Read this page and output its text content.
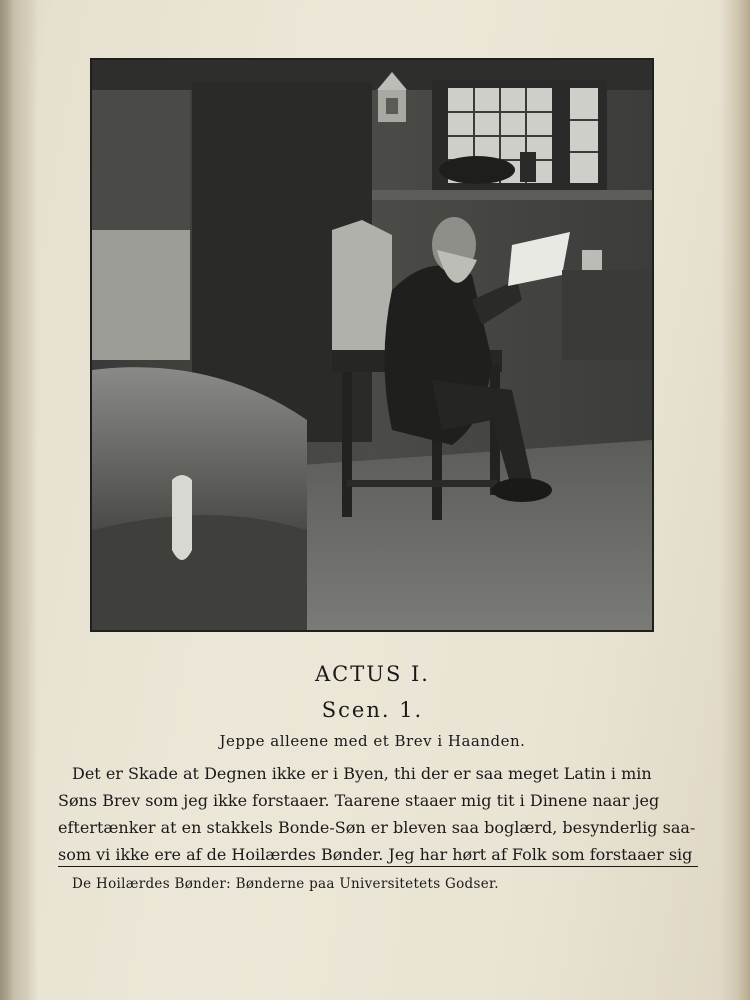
ACTUS I.
Scen. 1.
Jeppe alleene med et Brev i Haanden.

Det er Skade at Degnen ikke er i Byen, thi der er saa meget Latin i min

Søns Brev som jeg ikke forstaaer. Taarene staaer mig tit i Dinene naar jeg

eftertænker at en stakkels Bonde-Søn er bleven saa boglærd, besynderlig saa-

som vi ikke ere af de Hoilærdes Bønder. Jeg har hørt af Folk som forstaaer sig

De Hoilærdes Bønder: Bønderne paa Universitetets Godser.
